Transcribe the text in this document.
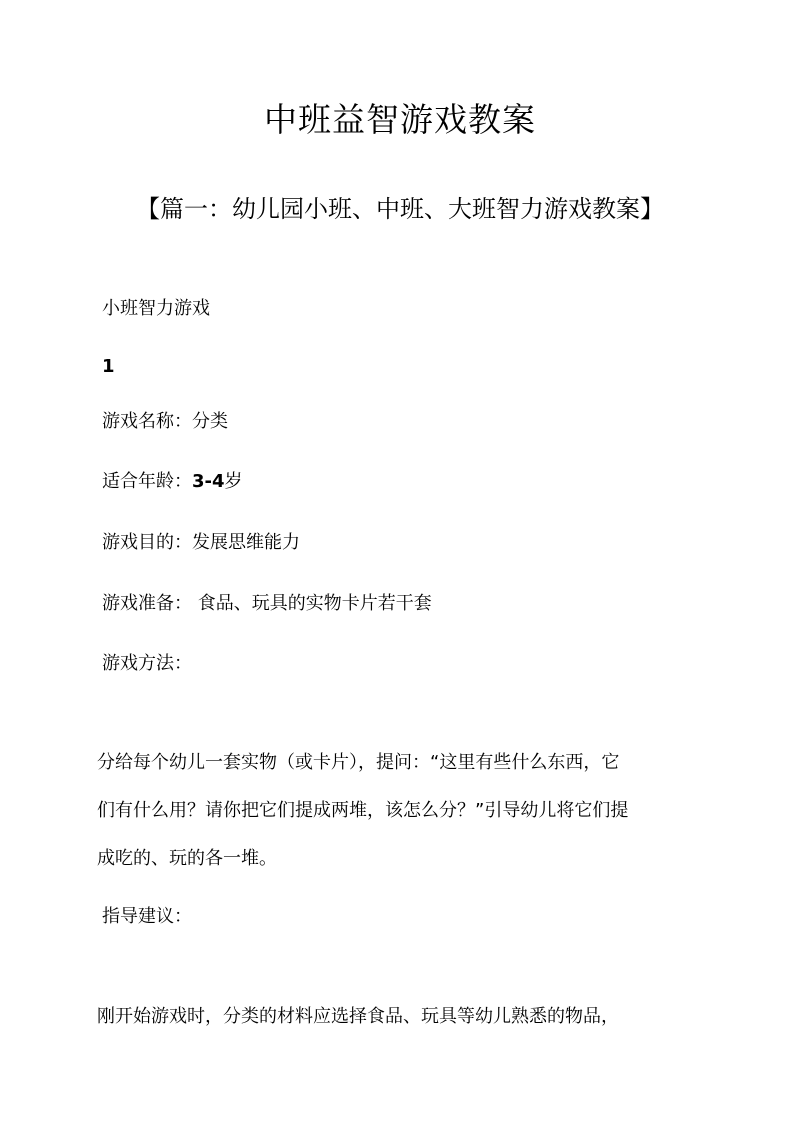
中班益智游戏教案
【篇一：幼儿园小班、中班、大班智力游戏教案】
小班智力游戏
1
游戏名称：分类
适合年龄：3-4岁
游戏目的：发展思维能力
游戏准备： 食品、玩具的实物卡片若干套
游戏方法：
分给每个幼儿一套实物（或卡片），提问：“这里有些什么东西，它
们有什么用？请你把它们提成两堆，该怎么分？”引导幼儿将它们提
成吃的、玩的各一堆。
指导建议：
刚开始游戏时，分类的材料应选择食品、玩具等幼儿熟悉的物品，
